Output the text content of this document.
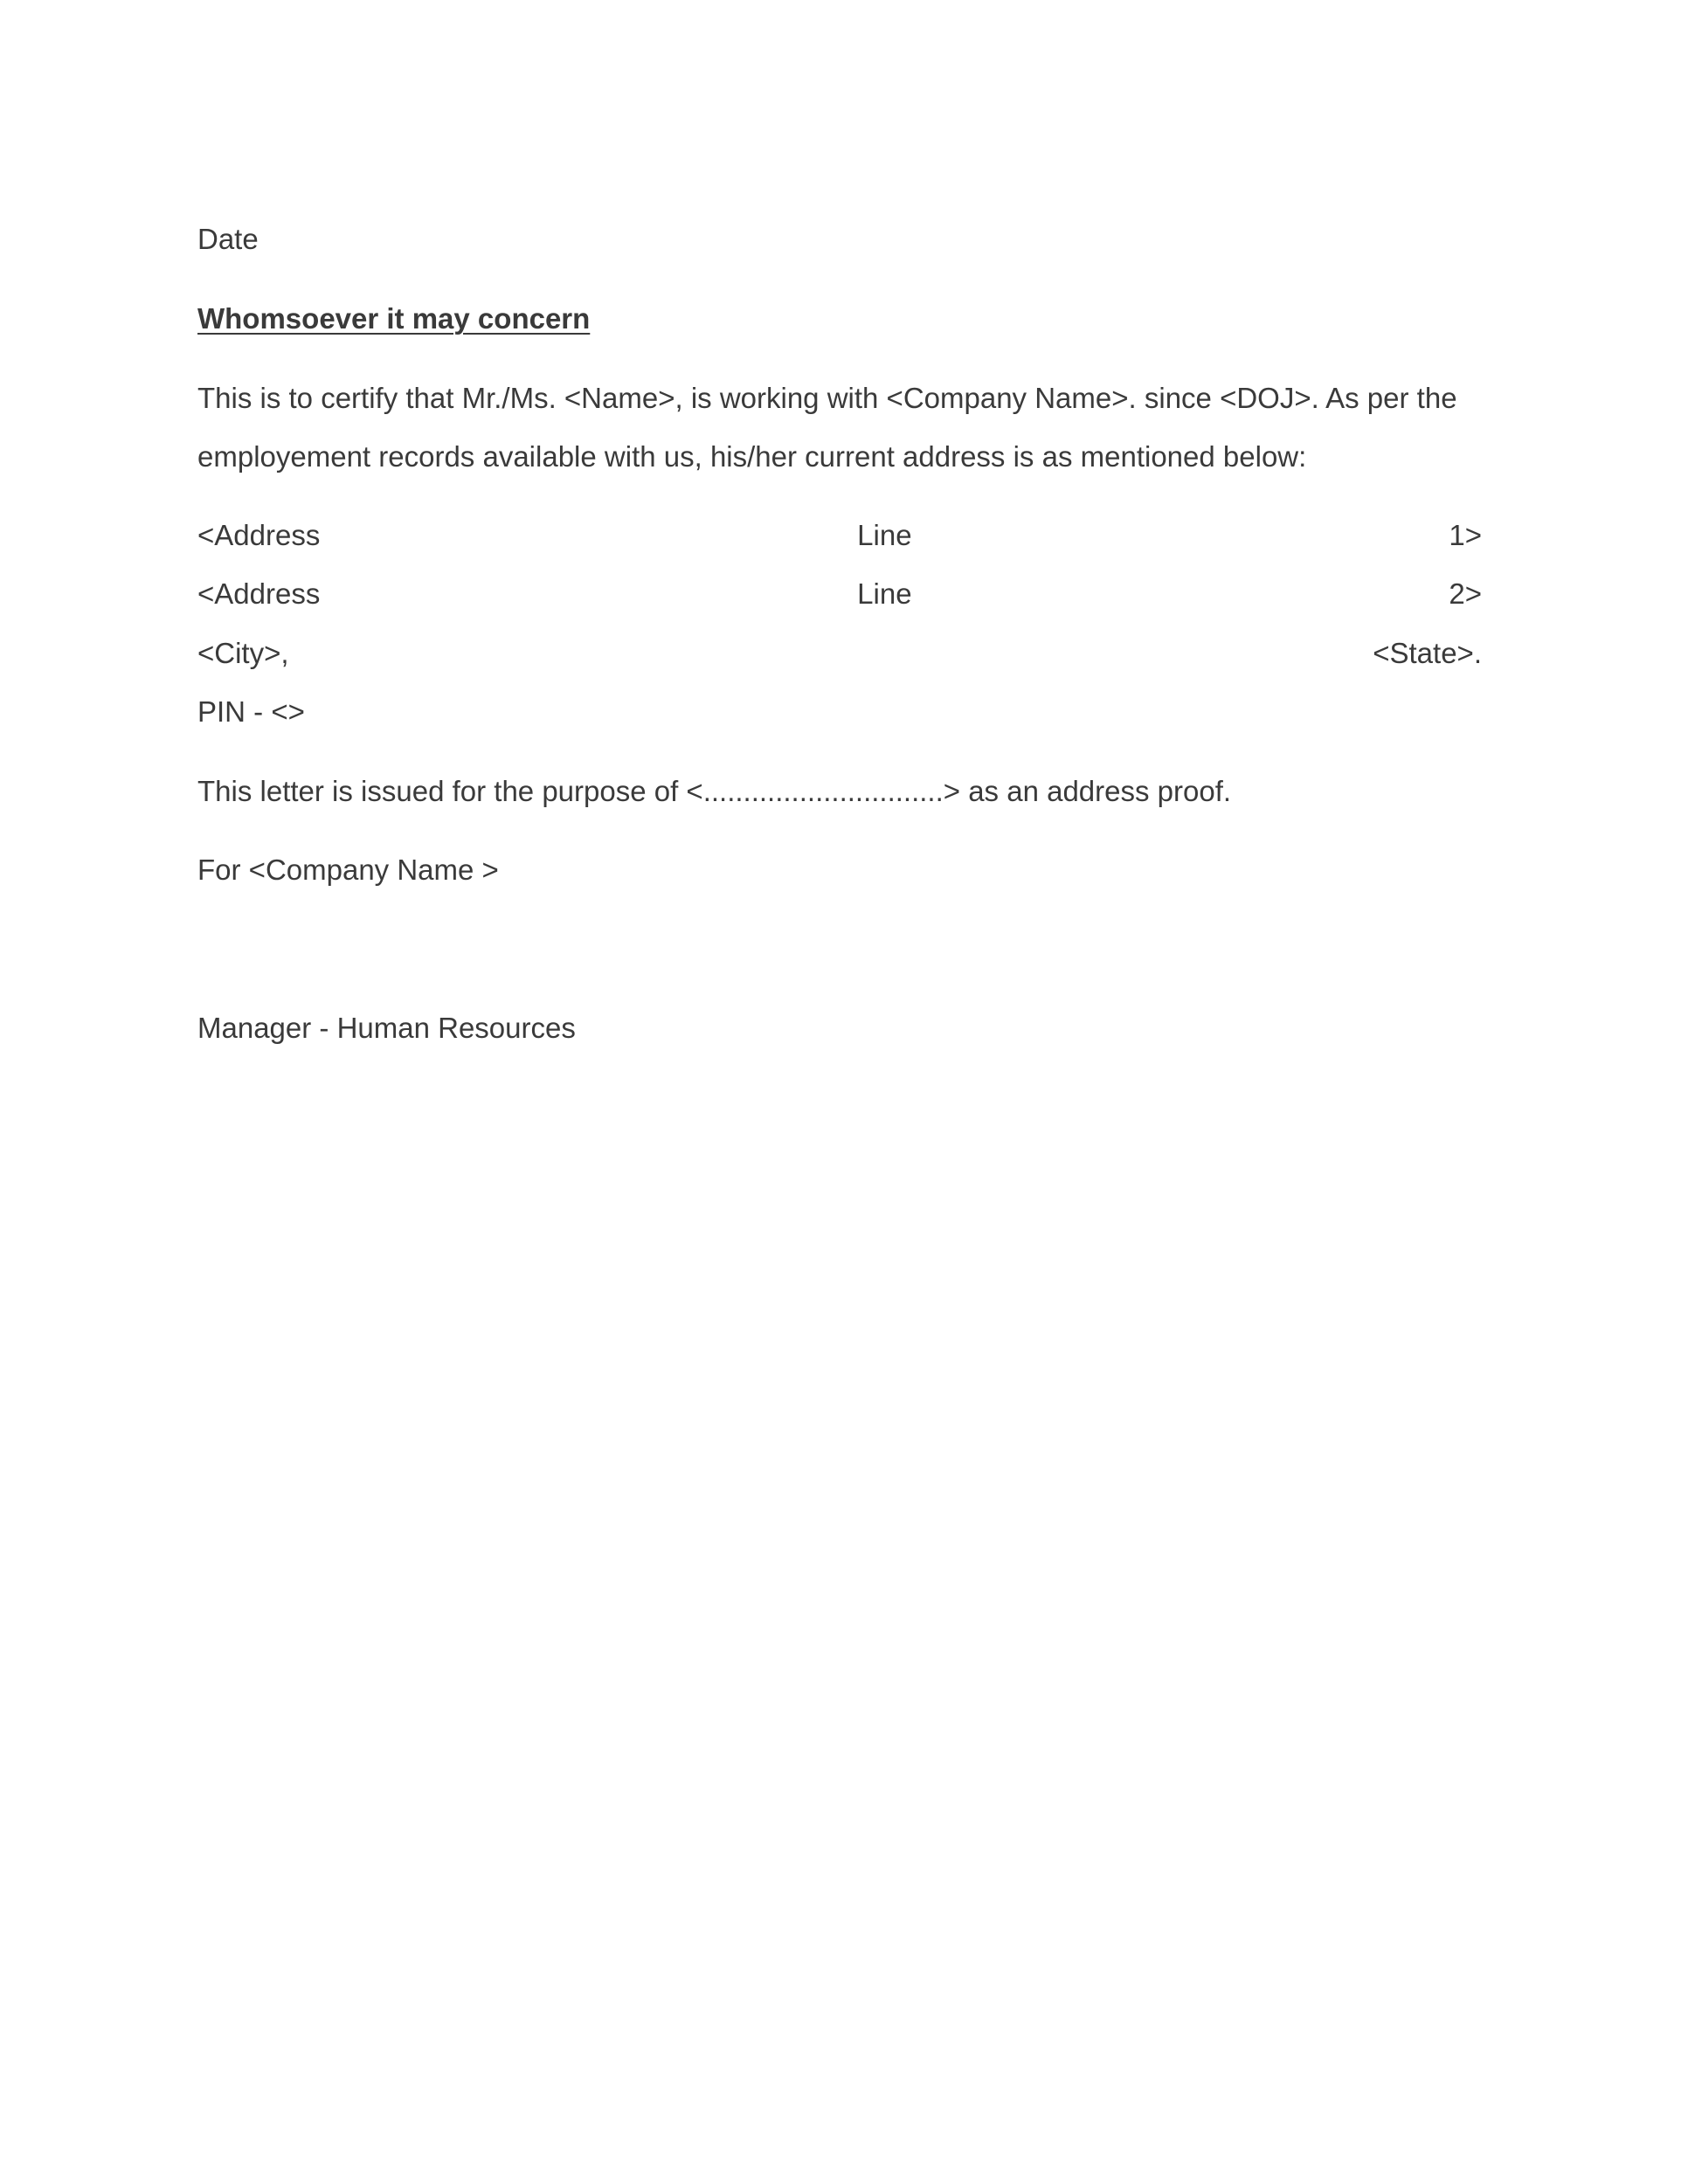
Date
Whomsoever it may concern
This is to certify that Mr./Ms. <Name>, is working with <Company Name>. since <DOJ>. As per the
employement records available with us, his/her current address is as mentioned below:
<Address	Line	1>
<Address	Line	2>
<City>,	<State>.
PIN - <>
This letter is issued for the purpose of <..............................> as an address proof.
For <Company Name >
Manager - Human Resources
